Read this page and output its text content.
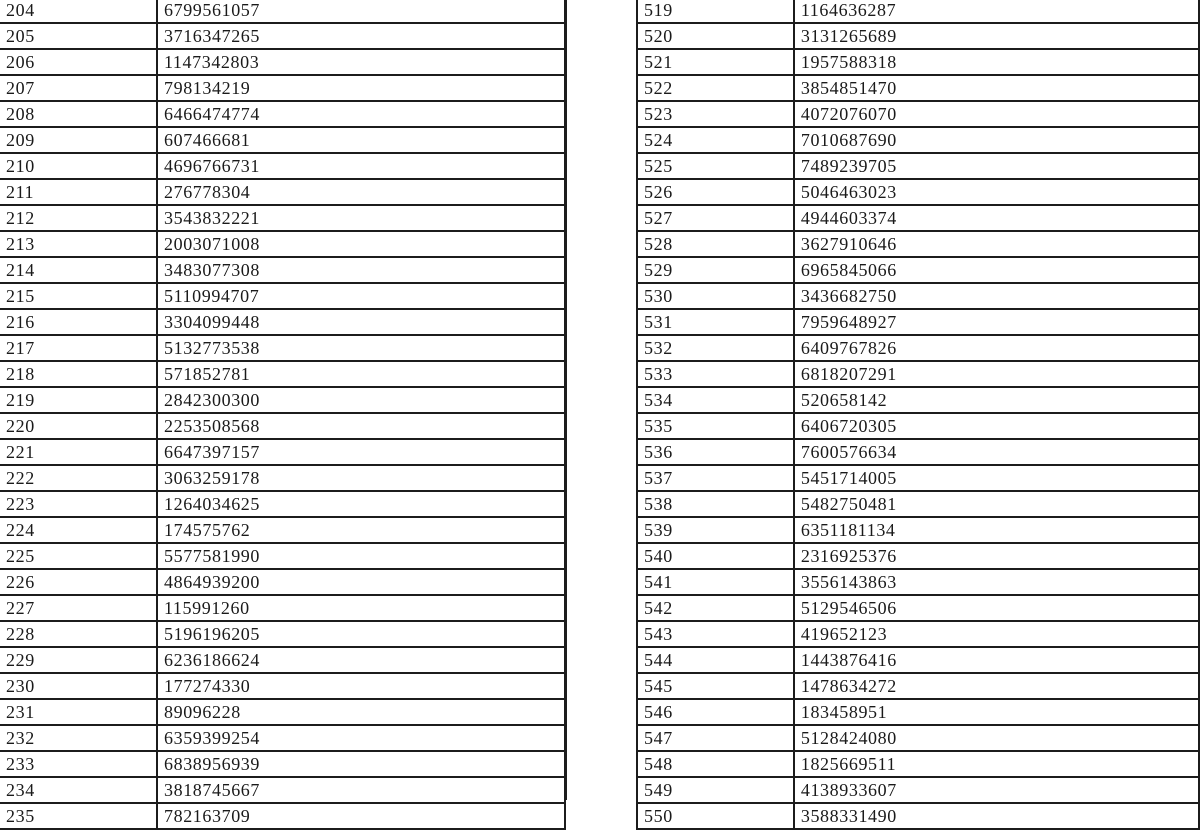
204	6799561057
205	3716347265
206	1147342803
207	798134219
208	6466474774
209	607466681
210	4696766731
211	276778304
212	3543832221
213	2003071008
214	3483077308
215	5110994707
216	3304099448
217	5132773538
218	571852781
219	2842300300
220	2253508568
221	6647397157
222	3063259178
223	1264034625
224	174575762
225	5577581990
226	4864939200
227	115991260
228	5196196205
229	6236186624
230	177274330
231	89096228
232	6359399254
233	6838956939
234	3818745667
235	782163709
519	1164636287
520	3131265689
521	1957588318
522	3854851470
523	4072076070
524	7010687690
525	7489239705
526	5046463023
527	4944603374
528	3627910646
529	6965845066
530	3436682750
531	7959648927
532	6409767826
533	6818207291
534	520658142
535	6406720305
536	7600576634
537	5451714005
538	5482750481
539	6351181134
540	2316925376
541	3556143863
542	5129546506
543	419652123
544	1443876416
545	1478634272
546	183458951
547	5128424080
548	1825669511
549	4138933607
550	3588331490
